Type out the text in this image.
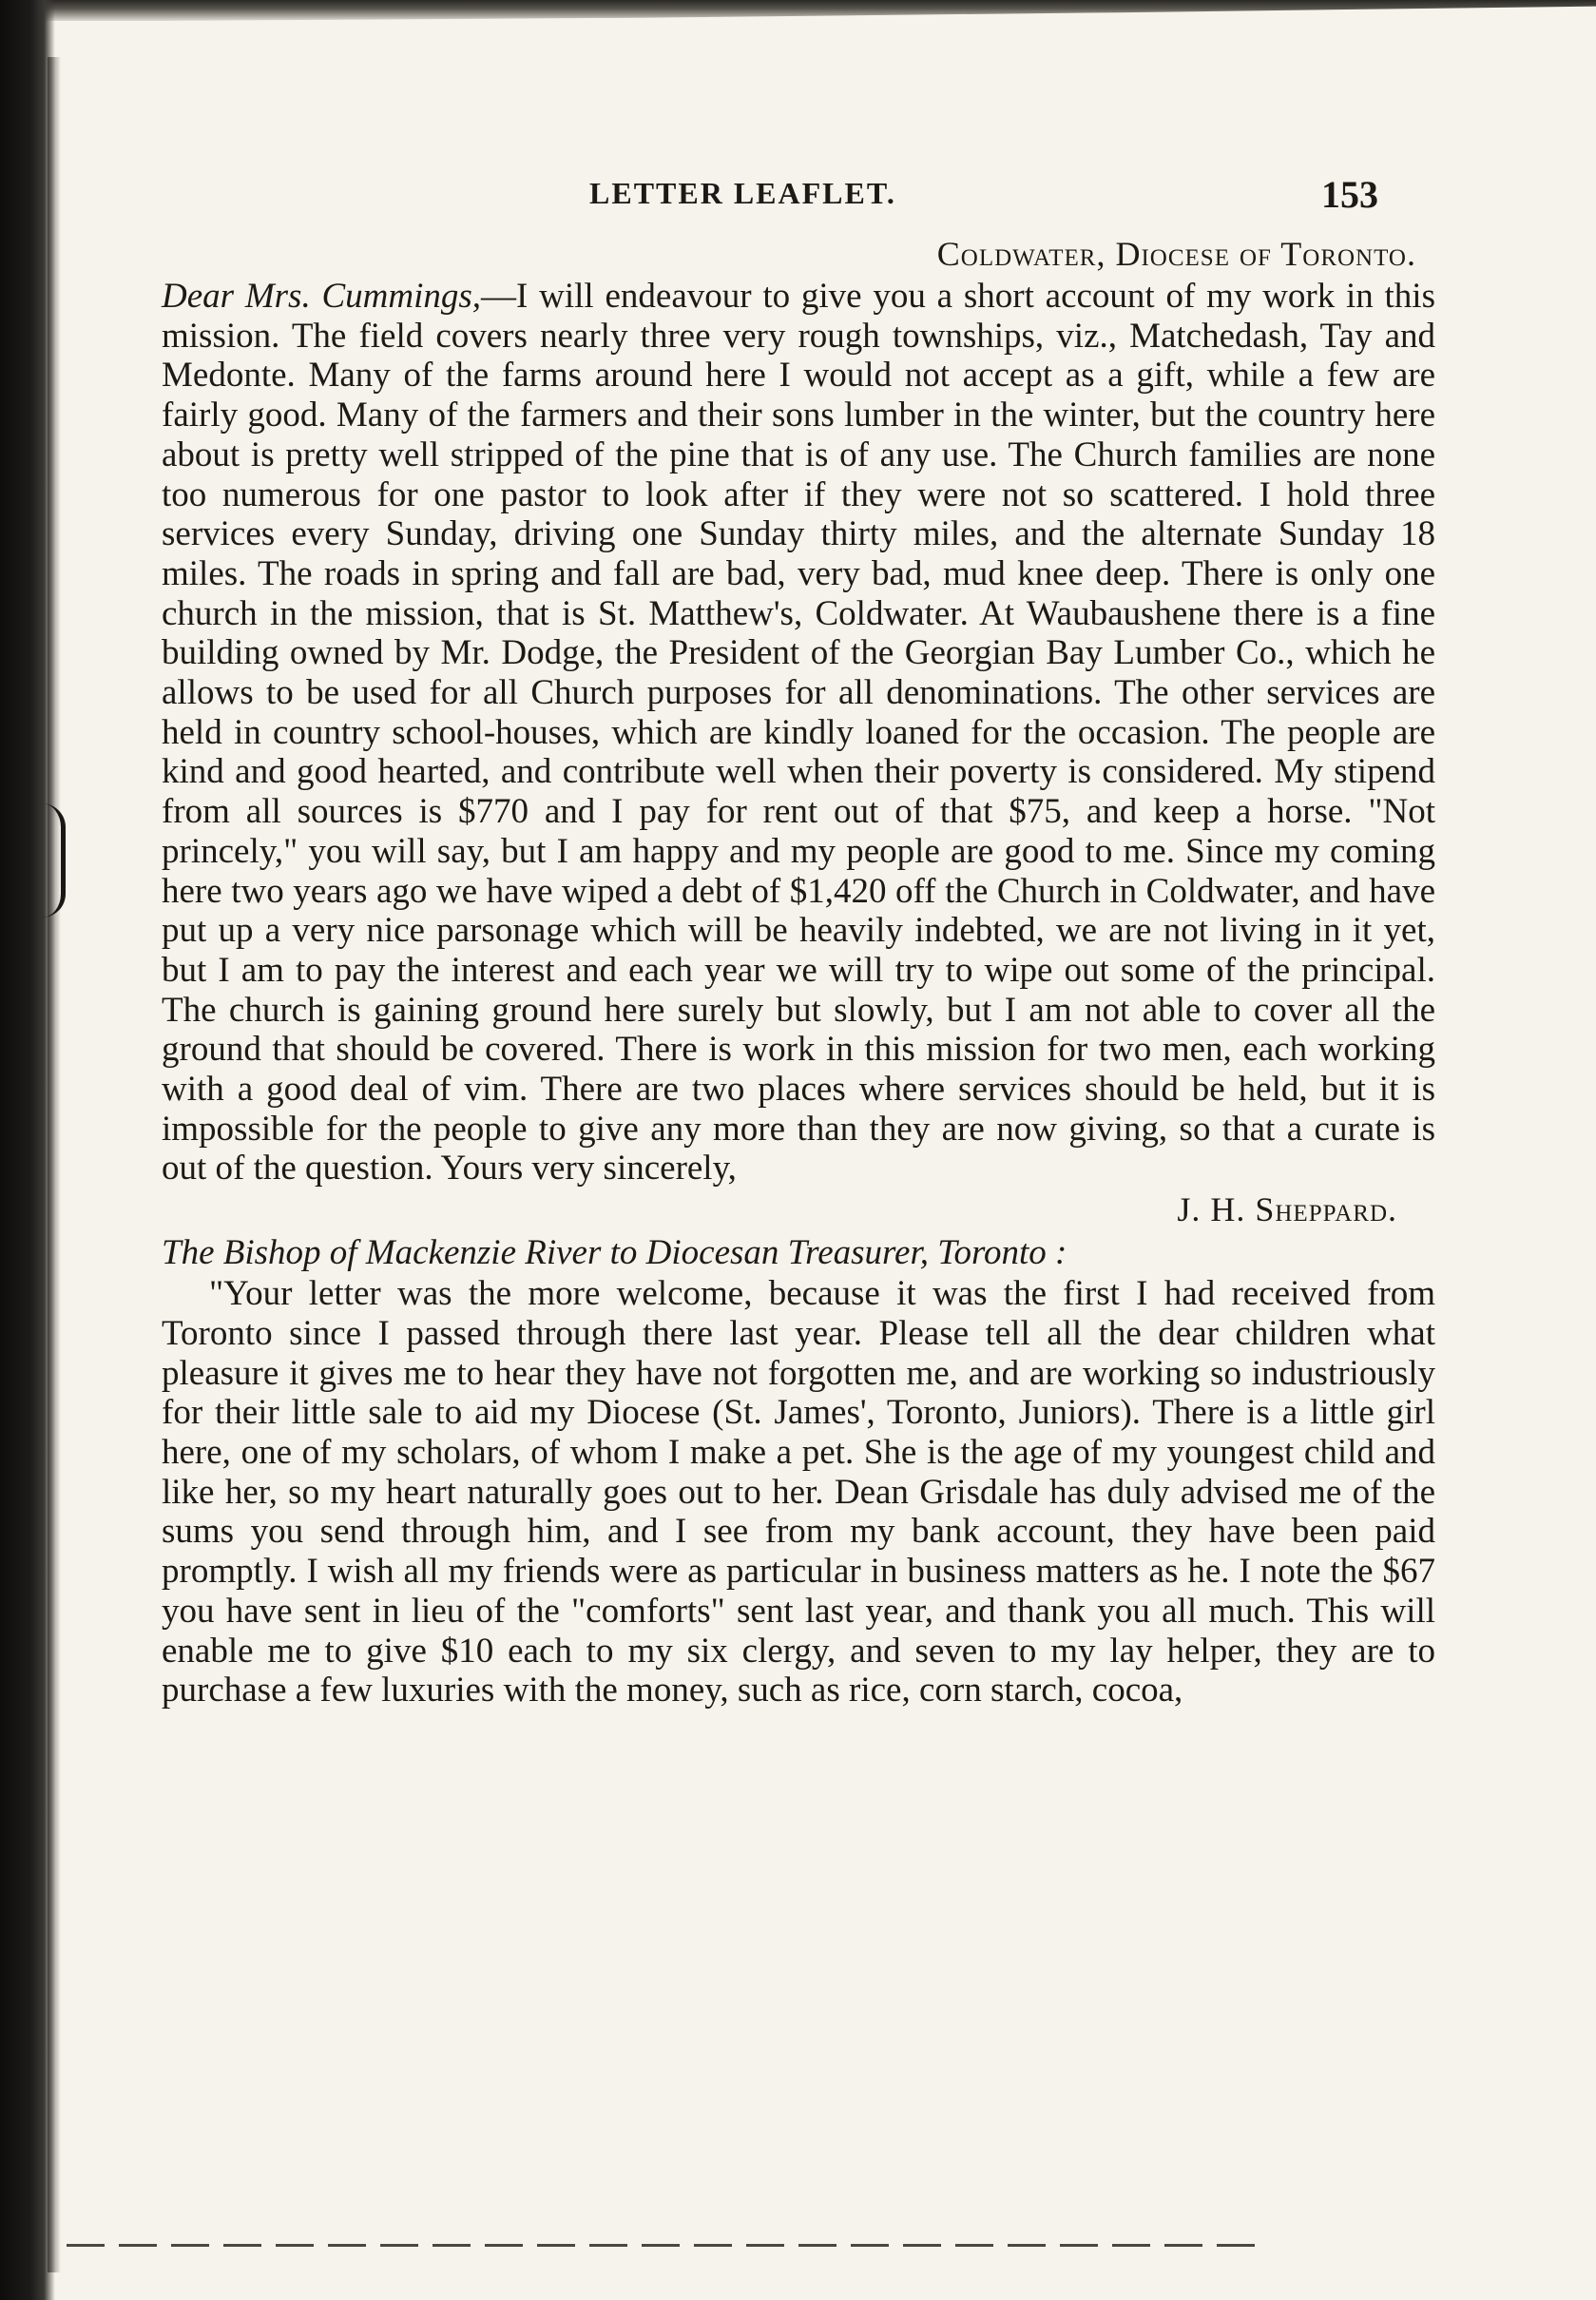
LETTER LEAFLET.	153
Coldwater, Diocese of Toronto.

Dear Mrs. Cummings,—I will endeavour to give you a short account of my work in this mission. The field covers nearly three very rough townships, viz., Matchedash, Tay and Medonte. Many of the farms around here I would not accept as a gift, while a few are fairly good. Many of the farmers and their sons lumber in the winter, but the country here about is pretty well stripped of the pine that is of any use. The Church families are none too numerous for one pastor to look after if they were not so scattered. I hold three services every Sunday, driving one Sunday thirty miles, and the alternate Sunday 18 miles. The roads in spring and fall are bad, very bad, mud knee deep. There is only one church in the mission, that is St. Matthew's, Coldwater. At Waubaushene there is a fine building owned by Mr. Dodge, the President of the Georgian Bay Lumber Co., which he allows to be used for all Church purposes for all denominations. The other services are held in country school-houses, which are kindly loaned for the occasion. The people are kind and good hearted, and contribute well when their poverty is considered. My stipend from all sources is $770 and I pay for rent out of that $75, and keep a horse. "Not princely," you will say, but I am happy and my people are good to me. Since my coming here two years ago we have wiped a debt of $1,420 off the Church in Coldwater, and have put up a very nice parsonage which will be heavily indebted, we are not living in it yet, but I am to pay the interest and each year we will try to wipe out some of the principal. The church is gaining ground here surely but slowly, but I am not able to cover all the ground that should be covered. There is work in this mission for two men, each working with a good deal of vim. There are two places where services should be held, but it is impossible for the people to give any more than they are now giving, so that a curate is out of the question. Yours very sincerely,

J. H. Sheppard.

The Bishop of Mackenzie River to Diocesan Treasurer, Toronto :

"Your letter was the more welcome, because it was the first I had received from Toronto since I passed through there last year. Please tell all the dear children what pleasure it gives me to hear they have not forgotten me, and are working so industriously for their little sale to aid my Diocese (St. James', Toronto, Juniors). There is a little girl here, one of my scholars, of whom I make a pet. She is the age of my youngest child and like her, so my heart naturally goes out to her. Dean Grisdale has duly advised me of the sums you send through him, and I see from my bank account, they have been paid promptly. I wish all my friends were as particular in business matters as he. I note the $67 you have sent in lieu of the "comforts" sent last year, and thank you all much. This will enable me to give $10 each to my six clergy, and seven to my lay helper, they are to purchase a few luxuries with the money, such as rice, corn starch, cocoa,
